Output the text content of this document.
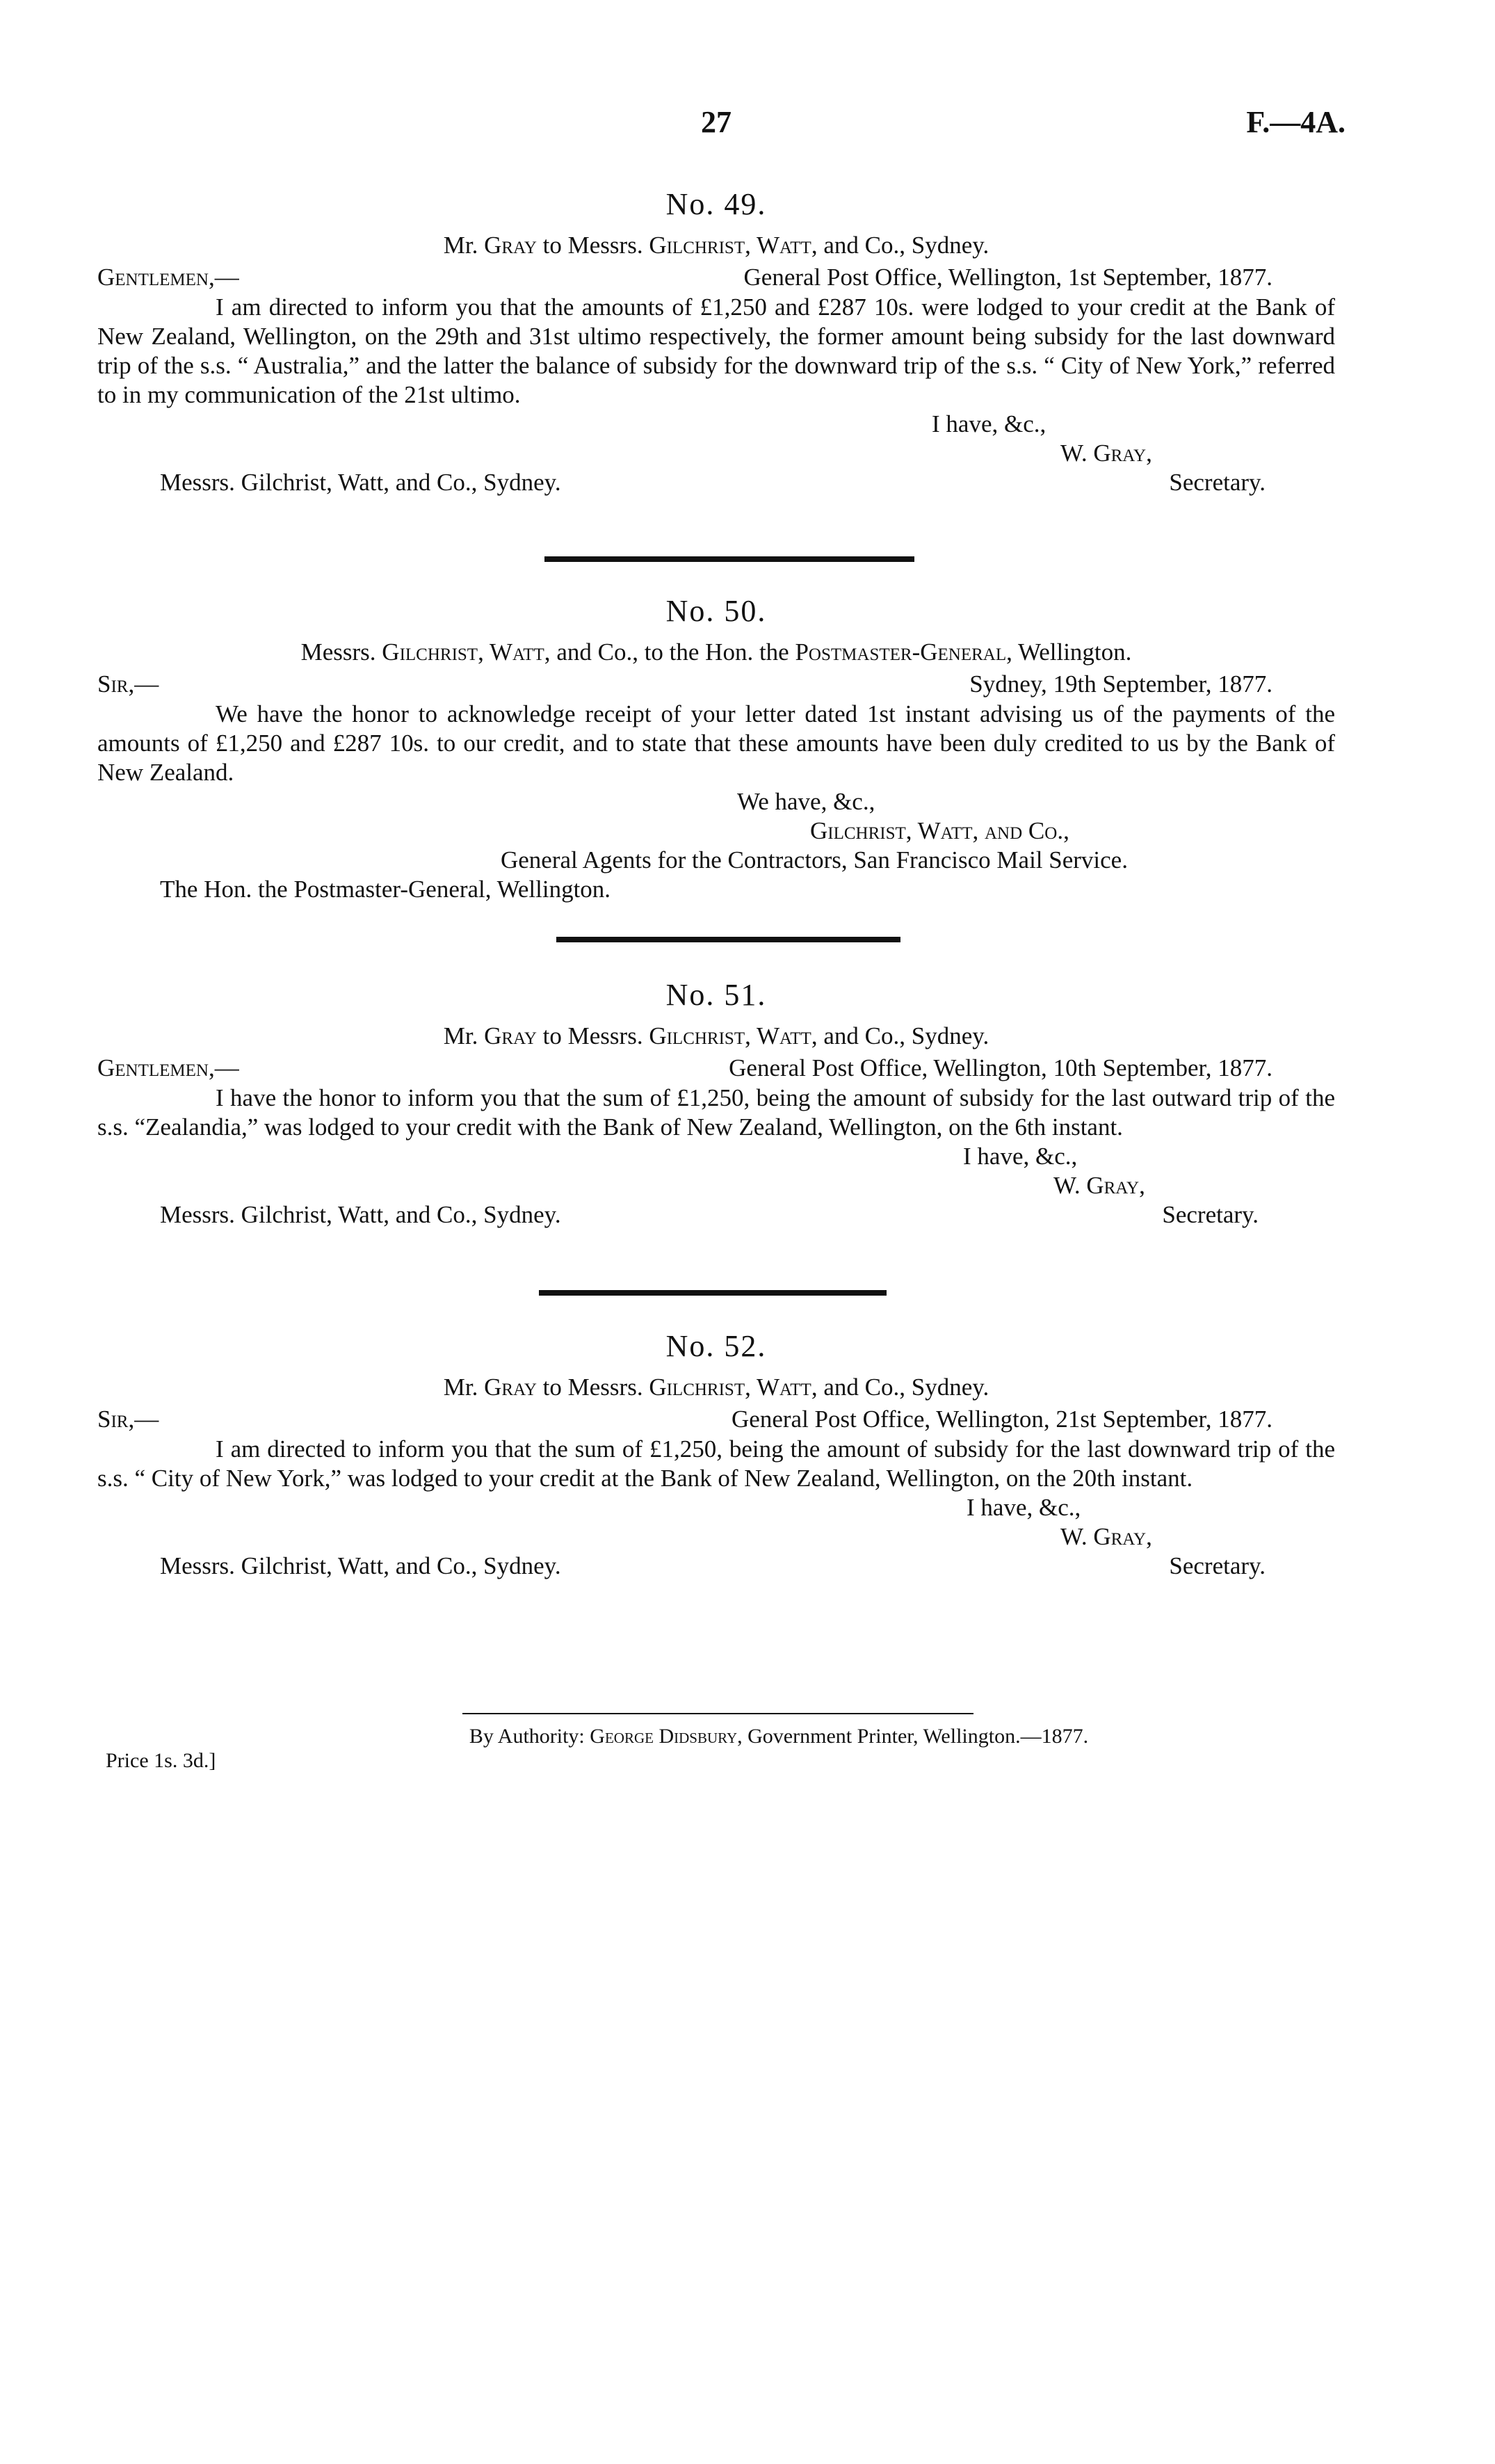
27	F.—4A.
No. 49.
Mr. Gray to Messrs. Gilchrist, Watt, and Co., Sydney.
Gentlemen,—	General Post Office, Wellington, 1st September, 1877.

I am directed to inform you that the amounts of £1,250 and £287 10s. were lodged to your credit at the Bank of New Zealand, Wellington, on the 29th and 31st ultimo respectively, the former amount being subsidy for the last downward trip of the s.s. “ Australia,” and the latter the balance of subsidy for the downward trip of the s.s. “ City of New York,” referred to in my communication of the 21st ultimo.

I have, &c.,
W. Gray,
Messrs. Gilchrist, Watt, and Co., Sydney.	Secretary.
No. 50.
Messrs. Gilchrist, Watt, and Co., to the Hon. the Postmaster-General, Wellington.
Sir,—	Sydney, 19th September, 1877.

We have the honor to acknowledge receipt of your letter dated 1st instant advising us of the payments of the amounts of £1,250 and £287 10s. to our credit, and to state that these amounts have been duly credited to us by the Bank of New Zealand.

We have, &c.,
Gilchrist, Watt, and Co.,
General Agents for the Contractors, San Francisco Mail Service.
The Hon. the Postmaster-General, Wellington.
No. 51.
Mr. Gray to Messrs. Gilchrist, Watt, and Co., Sydney.
Gentlemen,—	General Post Office, Wellington, 10th September, 1877.

I have the honor to inform you that the sum of £1,250, being the amount of subsidy for the last outward trip of the s.s. “Zealandia,” was lodged to your credit with the Bank of New Zealand, Wellington, on the 6th instant.

I have, &c.,
W. Gray,
Messrs. Gilchrist, Watt, and Co., Sydney.	Secretary.
No. 52.
Mr. Gray to Messrs. Gilchrist, Watt, and Co., Sydney.
Sir,—	General Post Office, Wellington, 21st September, 1877.

I am directed to inform you that the sum of £1,250, being the amount of subsidy for the last downward trip of the s.s. “ City of New York,” was lodged to your credit at the Bank of New Zealand, Wellington, on the 20th instant.

I have, &c.,
W. Gray,
Messrs. Gilchrist, Watt, and Co., Sydney.	Secretary.
By Authority: George Didsbury, Government Printer, Wellington.—1877.
Price 1s. 3d.]
